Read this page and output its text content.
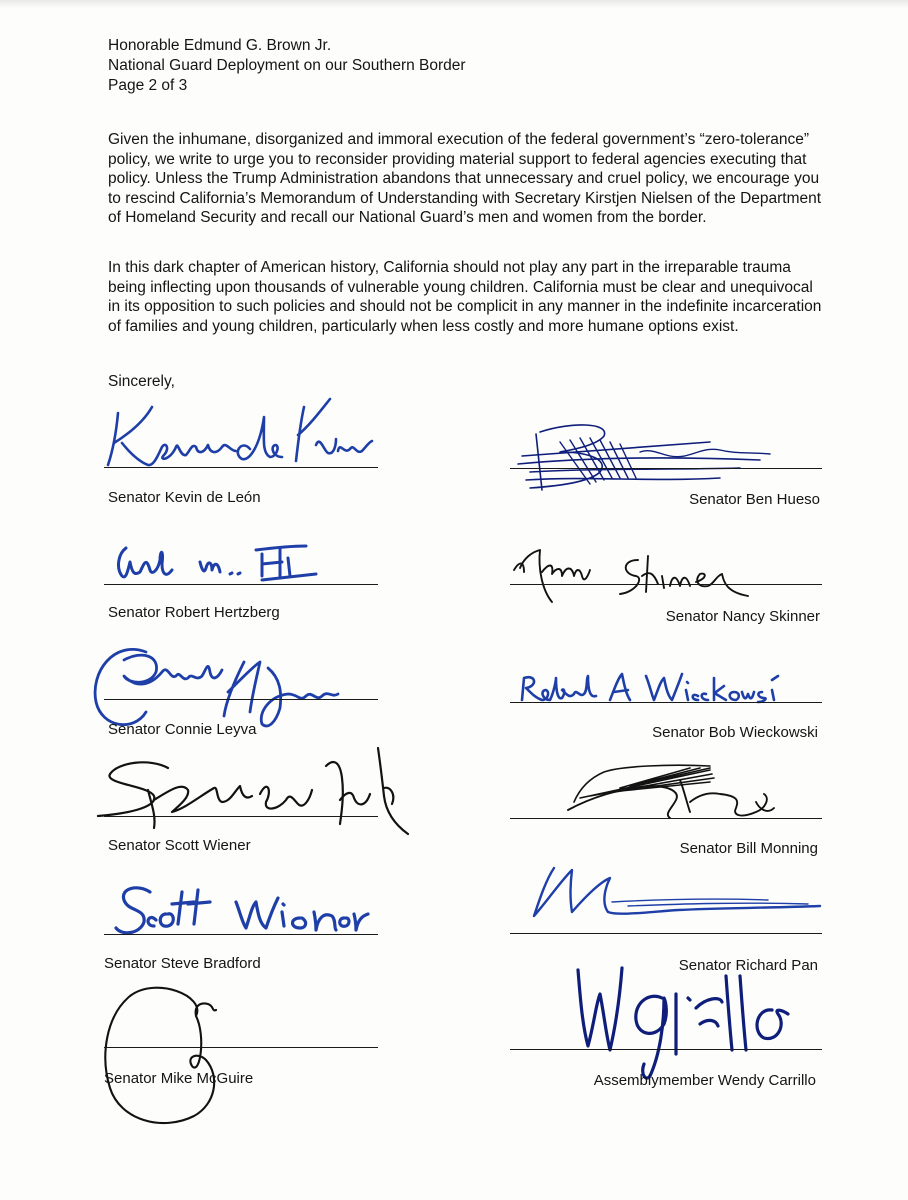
Honorable Edmund G. Brown Jr.
National Guard Deployment on our Southern Border
Page 2 of 3

Given the inhumane, disorganized and immoral execution of the federal government’s “zero-tolerance” policy, we write to urge you to reconsider providing material support to federal agencies executing that policy. Unless the Trump Administration abandons that unnecessary and cruel policy, we encourage you to rescind California’s Memorandum of Understanding with Secretary Kirstjen Nielsen of the Department of Homeland Security and recall our National Guard’s men and women from the border.

In this dark chapter of American history, California should not play any part in the irreparable trauma being inflecting upon thousands of vulnerable young children. California must be clear and unequivocal in its opposition to such policies and should not be complicit in any manner in the indefinite incarceration of families and young children, particularly when less costly and more humane options exist.

Sincerely,
Senator Kevin de León
Senator Robert Hertzberg
Senator Connie Leyva
Senator Scott Wiener
Senator Steve Bradford
Senator Mike McGuire
Senator Ben Hueso
Senator Nancy Skinner
Senator Bob Wieckowski
Senator Bill Monning
Senator Richard Pan
Assemblymember Wendy Carrillo
